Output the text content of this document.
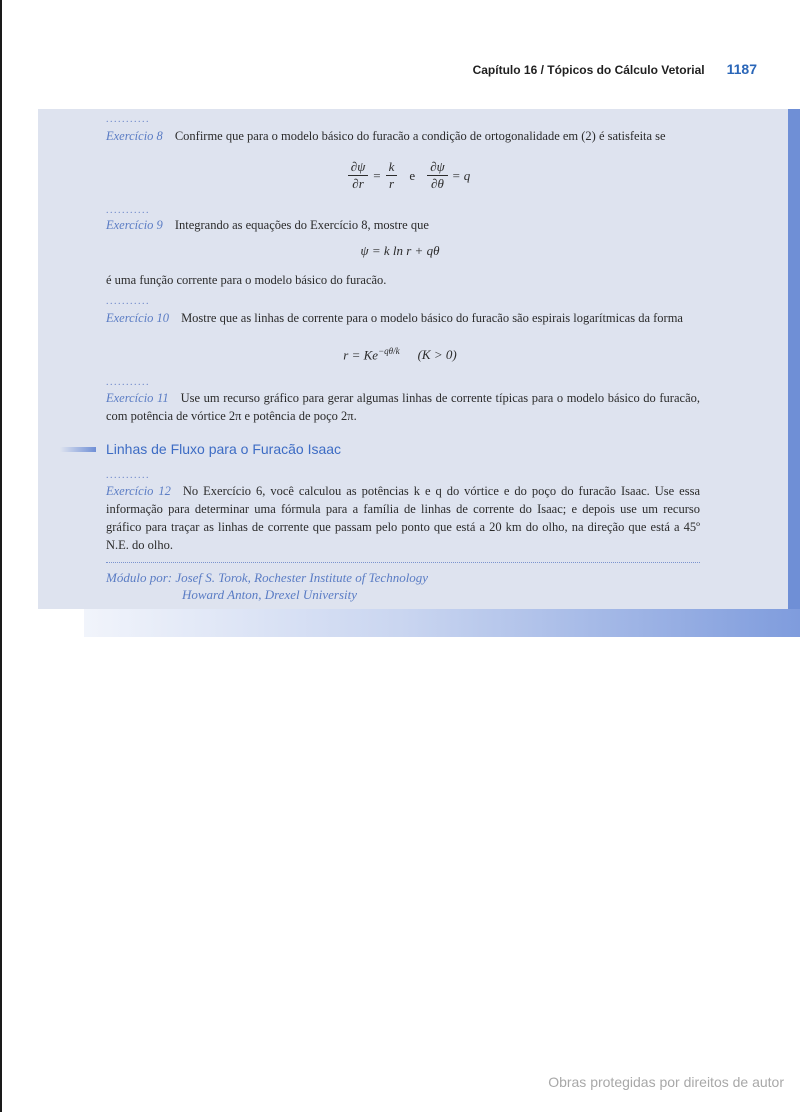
Capítulo 16 / Tópicos do Cálculo Vetorial 1187
...........
Exercício 8 Confirme que para o modelo básico do furacão a condição de ortogonalidade em (2) é satisfeita se
$\frac{\partial\psi}{\partial r} = \frac{k}{r}$ e $\frac{\partial\psi}{\partial\theta} = q$
...........
Exercício 9 Integrando as equações do Exercício 8, mostre que
ψ = k ln r + qθ
é uma função corrente para o modelo básico do furacão.
...........
Exercício 10 Mostre que as linhas de corrente para o modelo básico do furacão são espirais logarítmicas da forma
$r = Ke^{-q\theta/k}$ (K > 0)
...........
Exercício 11 Use um recurso gráfico para gerar algumas linhas de corrente típicas para o modelo básico do furacão, com potência de vórtice 2π e potência de poço 2π.
Linhas de Fluxo para o Furacão Isaac
...........
Exercício 12 No Exercício 6, você calculou as potências k e q do vórtice e do poço do furacão Isaac. Use essa informação para determinar uma fórmula para a família de linhas de corrente do Isaac; e depois use um recurso gráfico para traçar as linhas de corrente que passam pelo ponto que está a 20 km do olho, na direção que está a 45º N.E. do olho.
Módulo por: Josef S. Torok, Rochester Institute of Technology
Howard Anton, Drexel University
Obras protegidas por direitos de autor
